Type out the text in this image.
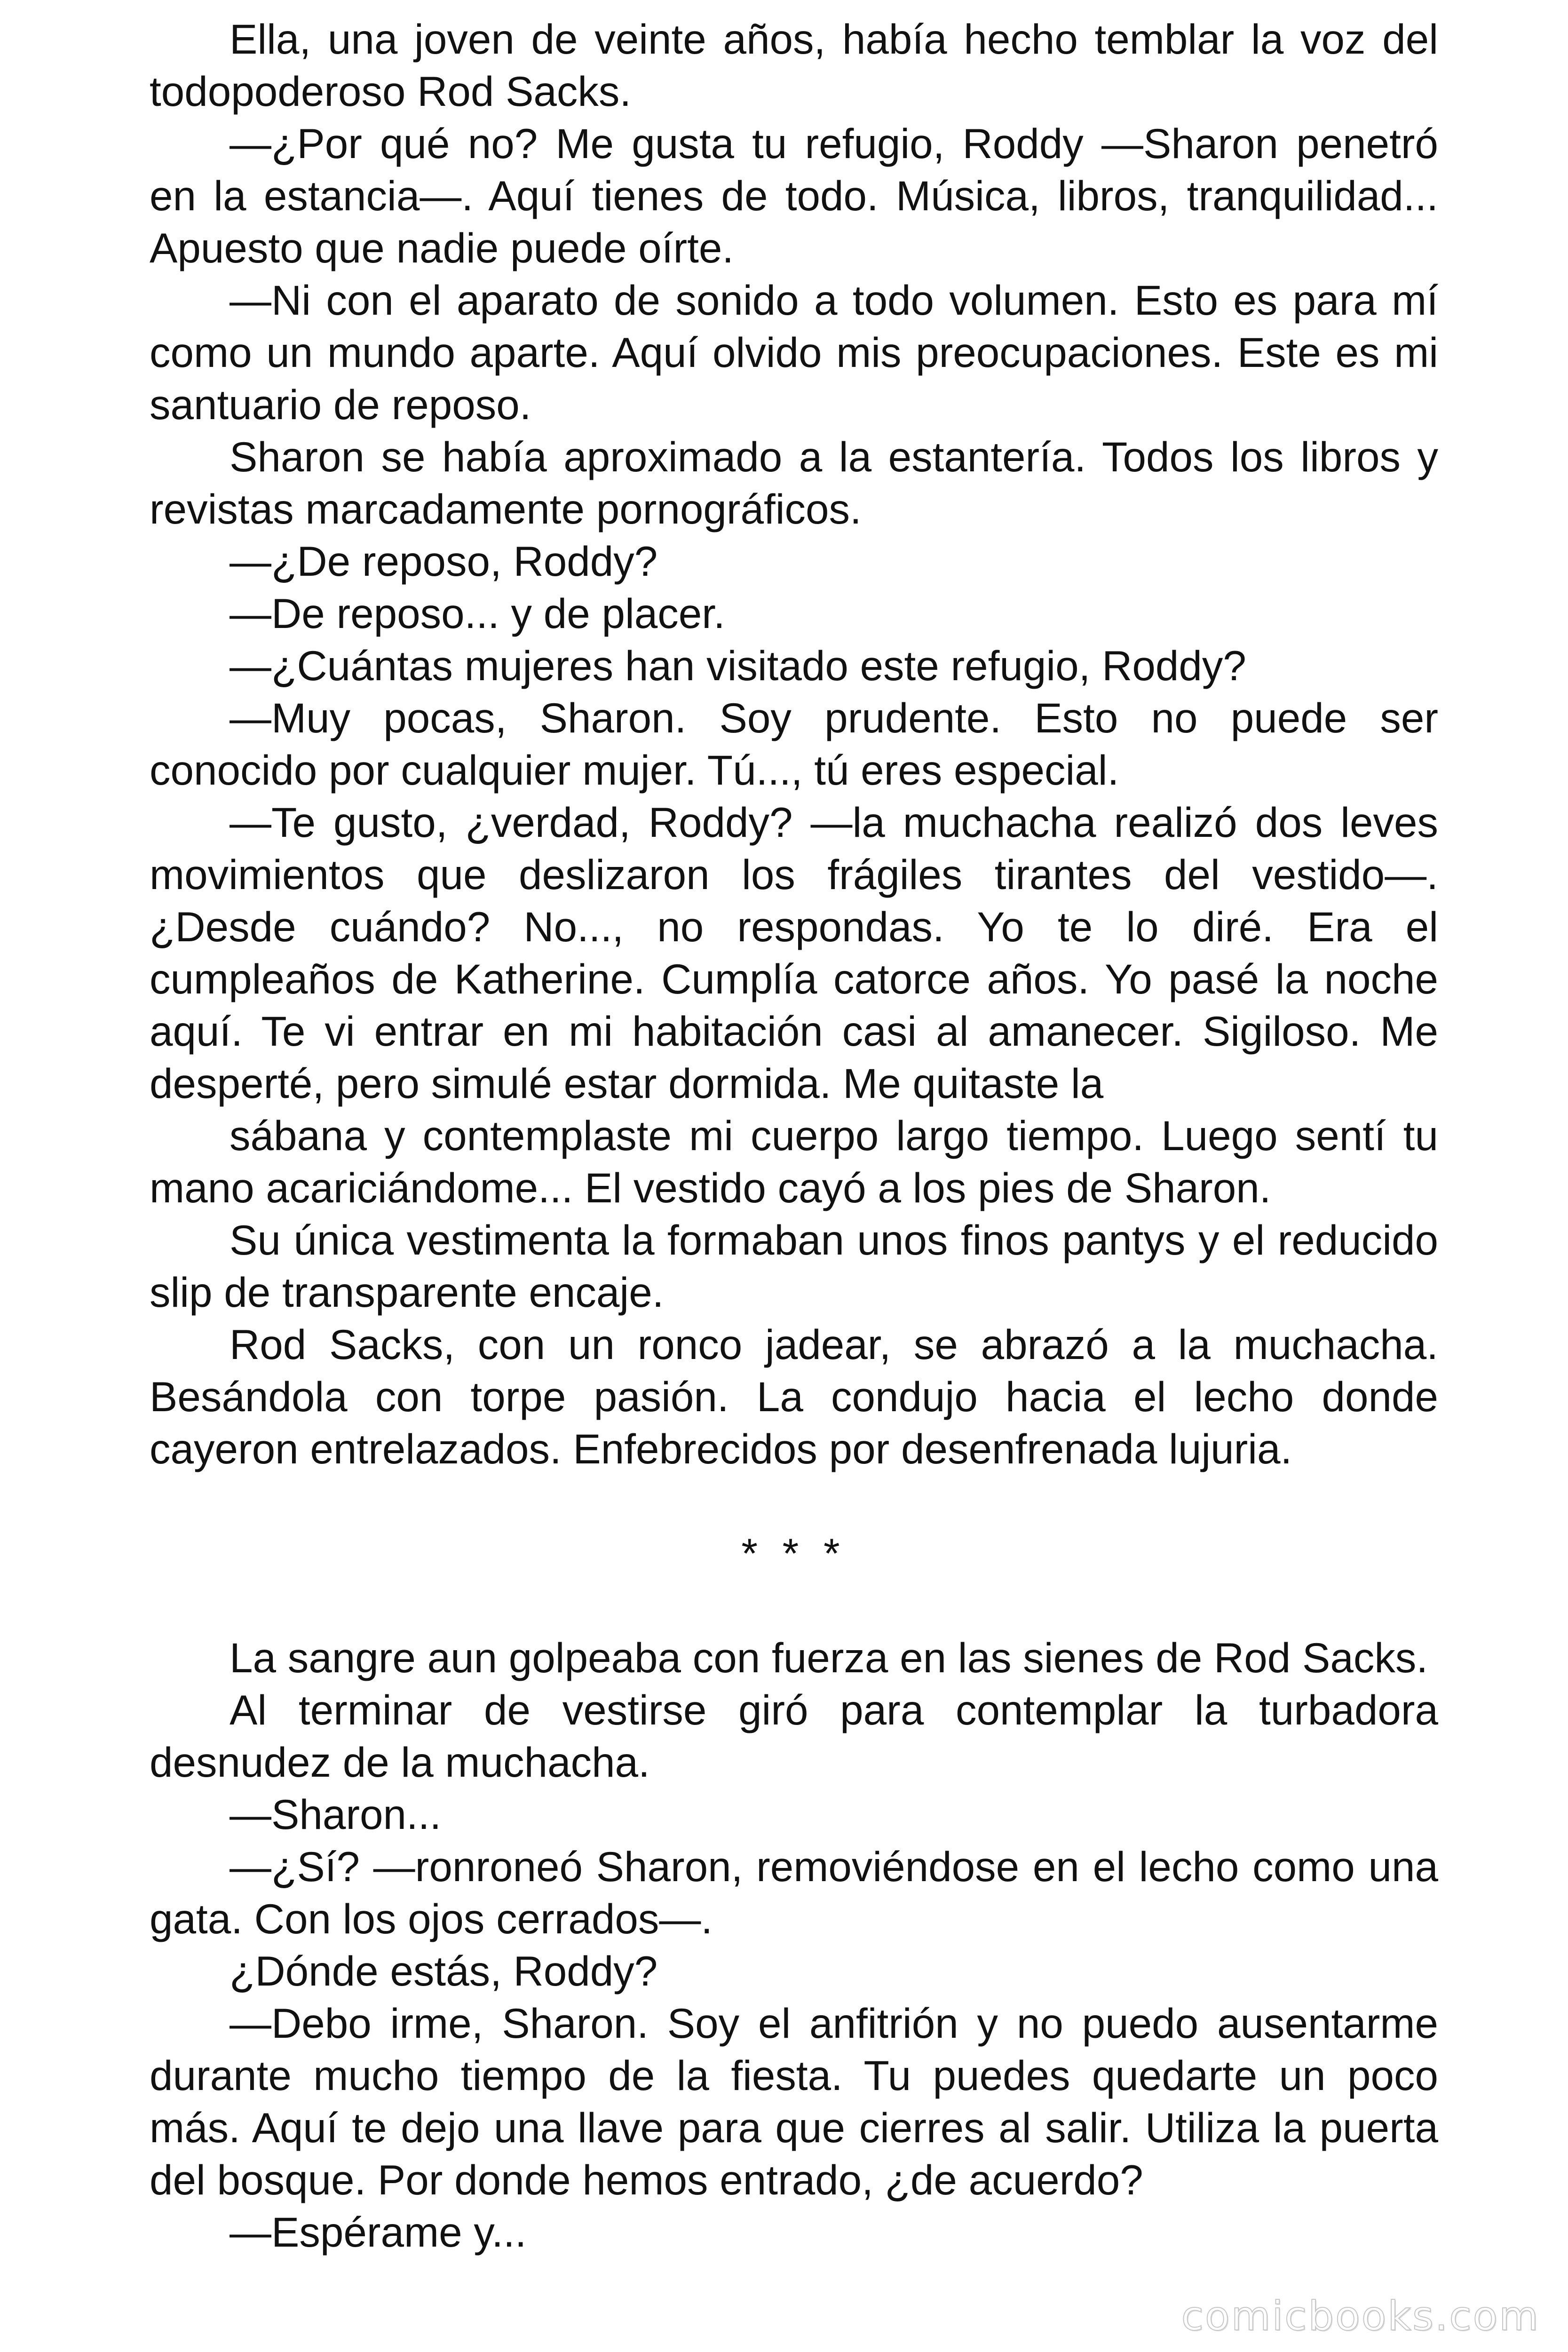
Ella, una joven de veinte años, había hecho temblar la voz del todopoderoso Rod Sacks.

—¿Por qué no? Me gusta tu refugio, Roddy —Sharon penetró en la estancia—. Aquí tienes de todo. Música, libros, tranquilidad... Apuesto que nadie puede oírte.

—Ni con el aparato de sonido a todo volumen. Esto es para mí como un mundo aparte. Aquí olvido mis preocupaciones. Este es mi santuario de reposo.

Sharon se había aproximado a la estantería. Todos los libros y revistas marcadamente pornográficos.

—¿De reposo, Roddy?

—De reposo... y de placer.

—¿Cuántas mujeres han visitado este refugio, Roddy?

—Muy pocas, Sharon. Soy prudente. Esto no puede ser conocido por cualquier mujer. Tú..., tú eres especial.

—Te gusto, ¿verdad, Roddy? —la muchacha realizó dos leves movimientos que deslizaron los frágiles tirantes del vestido—. ¿Desde cuándo? No..., no respondas. Yo te lo diré. Era el cumpleaños de Katherine. Cumplía catorce años. Yo pasé la noche aquí. Te vi entrar en mi habitación casi al amanecer. Sigiloso. Me desperté, pero simulé estar dormida. Me quitaste la

sábana y contemplaste mi cuerpo largo tiempo. Luego sentí tu mano acariciándome... El vestido cayó a los pies de Sharon.

Su única vestimenta la formaban unos finos pantys y el reducido slip de transparente encaje.

Rod Sacks, con un ronco jadear, se abrazó a la muchacha. Besándola con torpe pasión. La condujo hacia el lecho donde cayeron entrelazados. Enfebrecidos por desenfrenada lujuria.

* * *

La sangre aun golpeaba con fuerza en las sienes de Rod Sacks.

Al terminar de vestirse giró para contemplar la turbadora desnudez de la muchacha.

—Sharon...

—¿Sí? —ronroneó Sharon, removiéndose en el lecho como una gata. Con los ojos cerrados—.

¿Dónde estás, Roddy?

—Debo irme, Sharon. Soy el anfitrión y no puedo ausentarme durante mucho tiempo de la fiesta. Tu puedes quedarte un poco más. Aquí te dejo una llave para que cierres al salir. Utiliza la puerta del bosque. Por donde hemos entrado, ¿de acuerdo?

—Espérame y...

comicbooks.com
